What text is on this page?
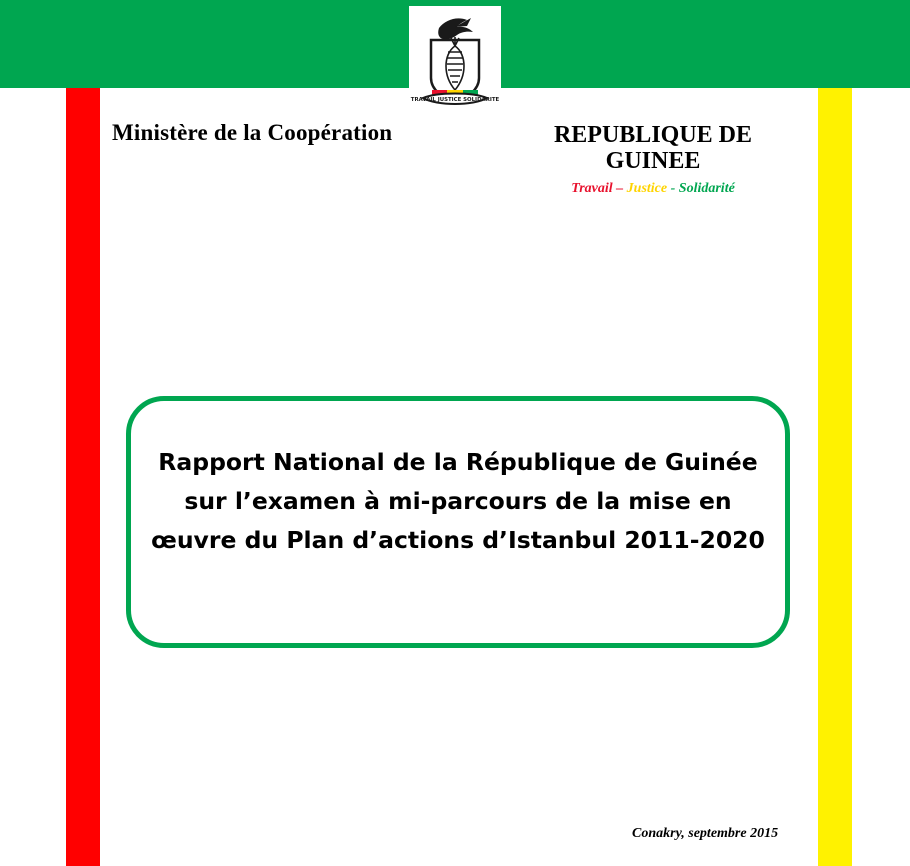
TRAVAIL JUSTICE SOLIDARITE
Ministère de la Coopération	REPUBLIQUE DE GUINEE
Travail – Justice - Solidarité
Rapport National de la République de Guinée
sur l’examen à mi-parcours de la mise en
œuvre du Plan d’actions d’Istanbul 2011-2020
Conakry, septembre 2015
